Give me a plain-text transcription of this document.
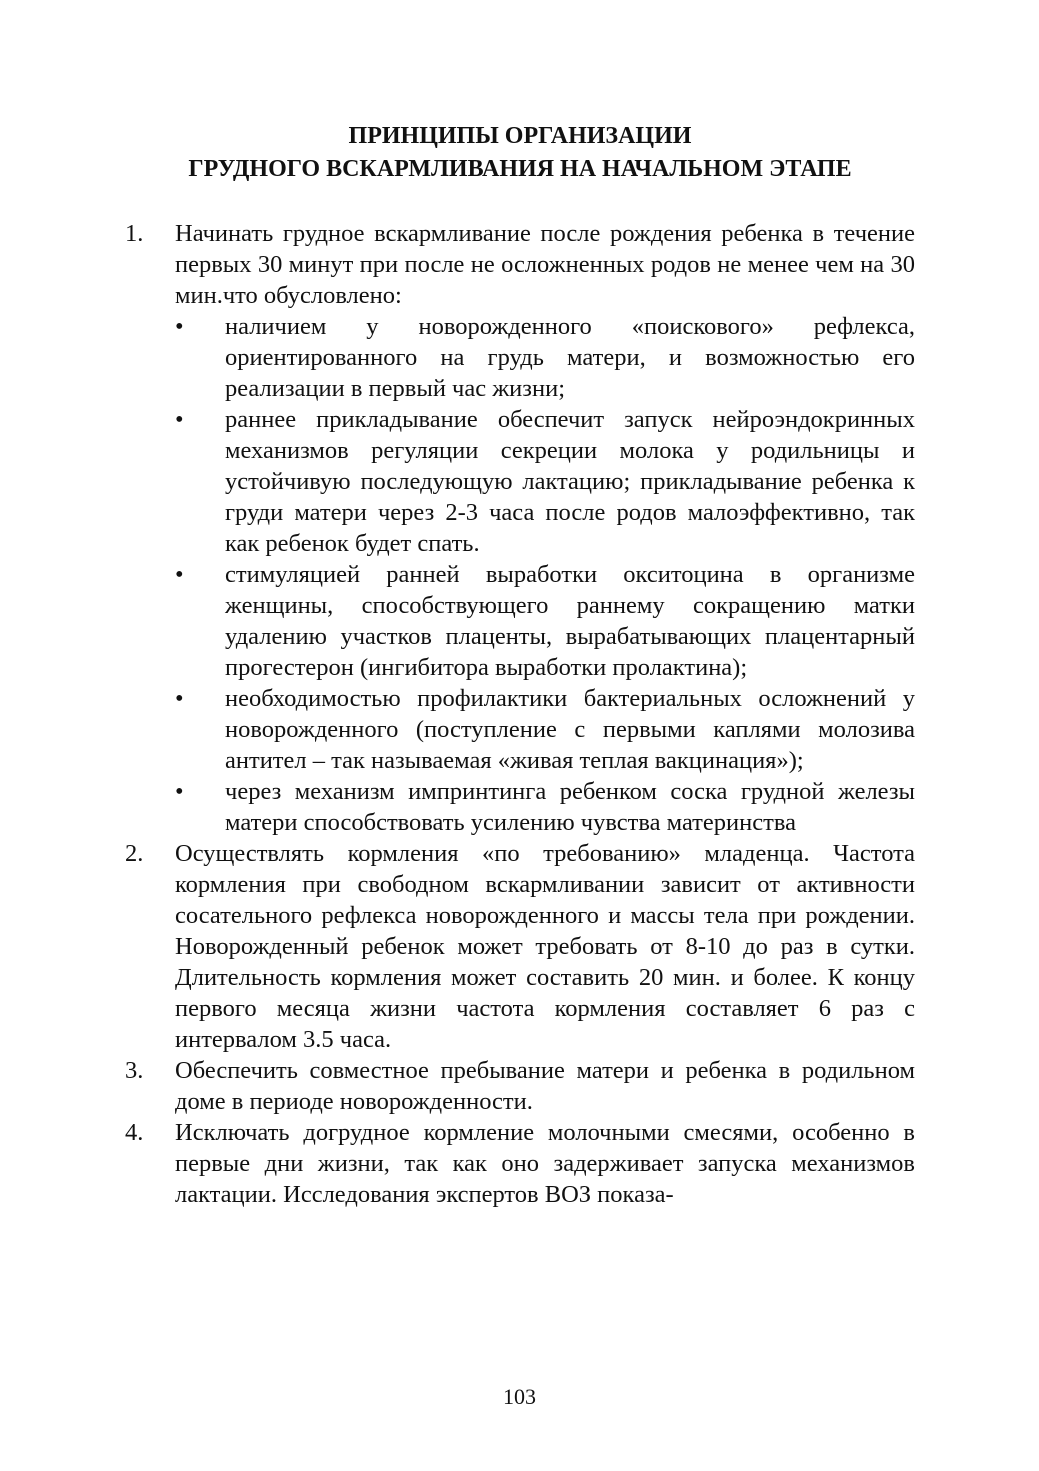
ПРИНЦИПЫ ОРГАНИЗАЦИИ
ГРУДНОГО ВСКАРМЛИВАНИЯ НА НАЧАЛЬНОМ ЭТАПЕ
1. Начинать грудное вскармливание после рождения ребенка в течение первых 30 минут при после не осложненных родов не менее чем на 30 мин.что обусловлено:
• наличием у новорожденного «поискового» рефлекса, ориентированного на грудь матери, и возможностью его реализации в первый час жизни;
• раннее прикладывание обеспечит запуск нейроэндокринных механизмов регуляции секреции молока у родильницы и устойчивую последующую лактацию; прикладывание ребенка к груди матери через 2-3 часа после родов малоэффективно, так как ребенок будет спать.
• стимуляцией ранней выработки окситоцина в организме женщины, способствующего раннему сокращению матки удалению участков плаценты, вырабатывающих плацентарный прогестерон (ингибитора выработки пролактина);
• необходимостью профилактики бактериальных осложнений у новорожденного (поступление с первыми каплями молозива антител – так называемая «живая теплая вакцинация»);
• через механизм импринтинга ребенком соска грудной железы матери способствовать усилению чувства материнства
2. Осуществлять кормления «по требованию» младенца. Частота кормления при свободном вскармливании зависит от активности сосательного рефлекса новорожденного и массы тела при рождении. Новорожденный ребенок может требовать от 8-10 до раз в сутки. Длительность кормления может составить 20 мин. и более. К концу первого месяца жизни частота кормления составляет 6 раз с интервалом 3.5 часа.
3. Обеспечить совместное пребывание матери и ребенка в родильном доме в периоде новорожденности.
4. Исключать догрудное кормление молочными смесями, особенно в первые дни жизни, так как оно задерживает запуска механизмов лактации. Исследования экспертов ВОЗ показа-
103
